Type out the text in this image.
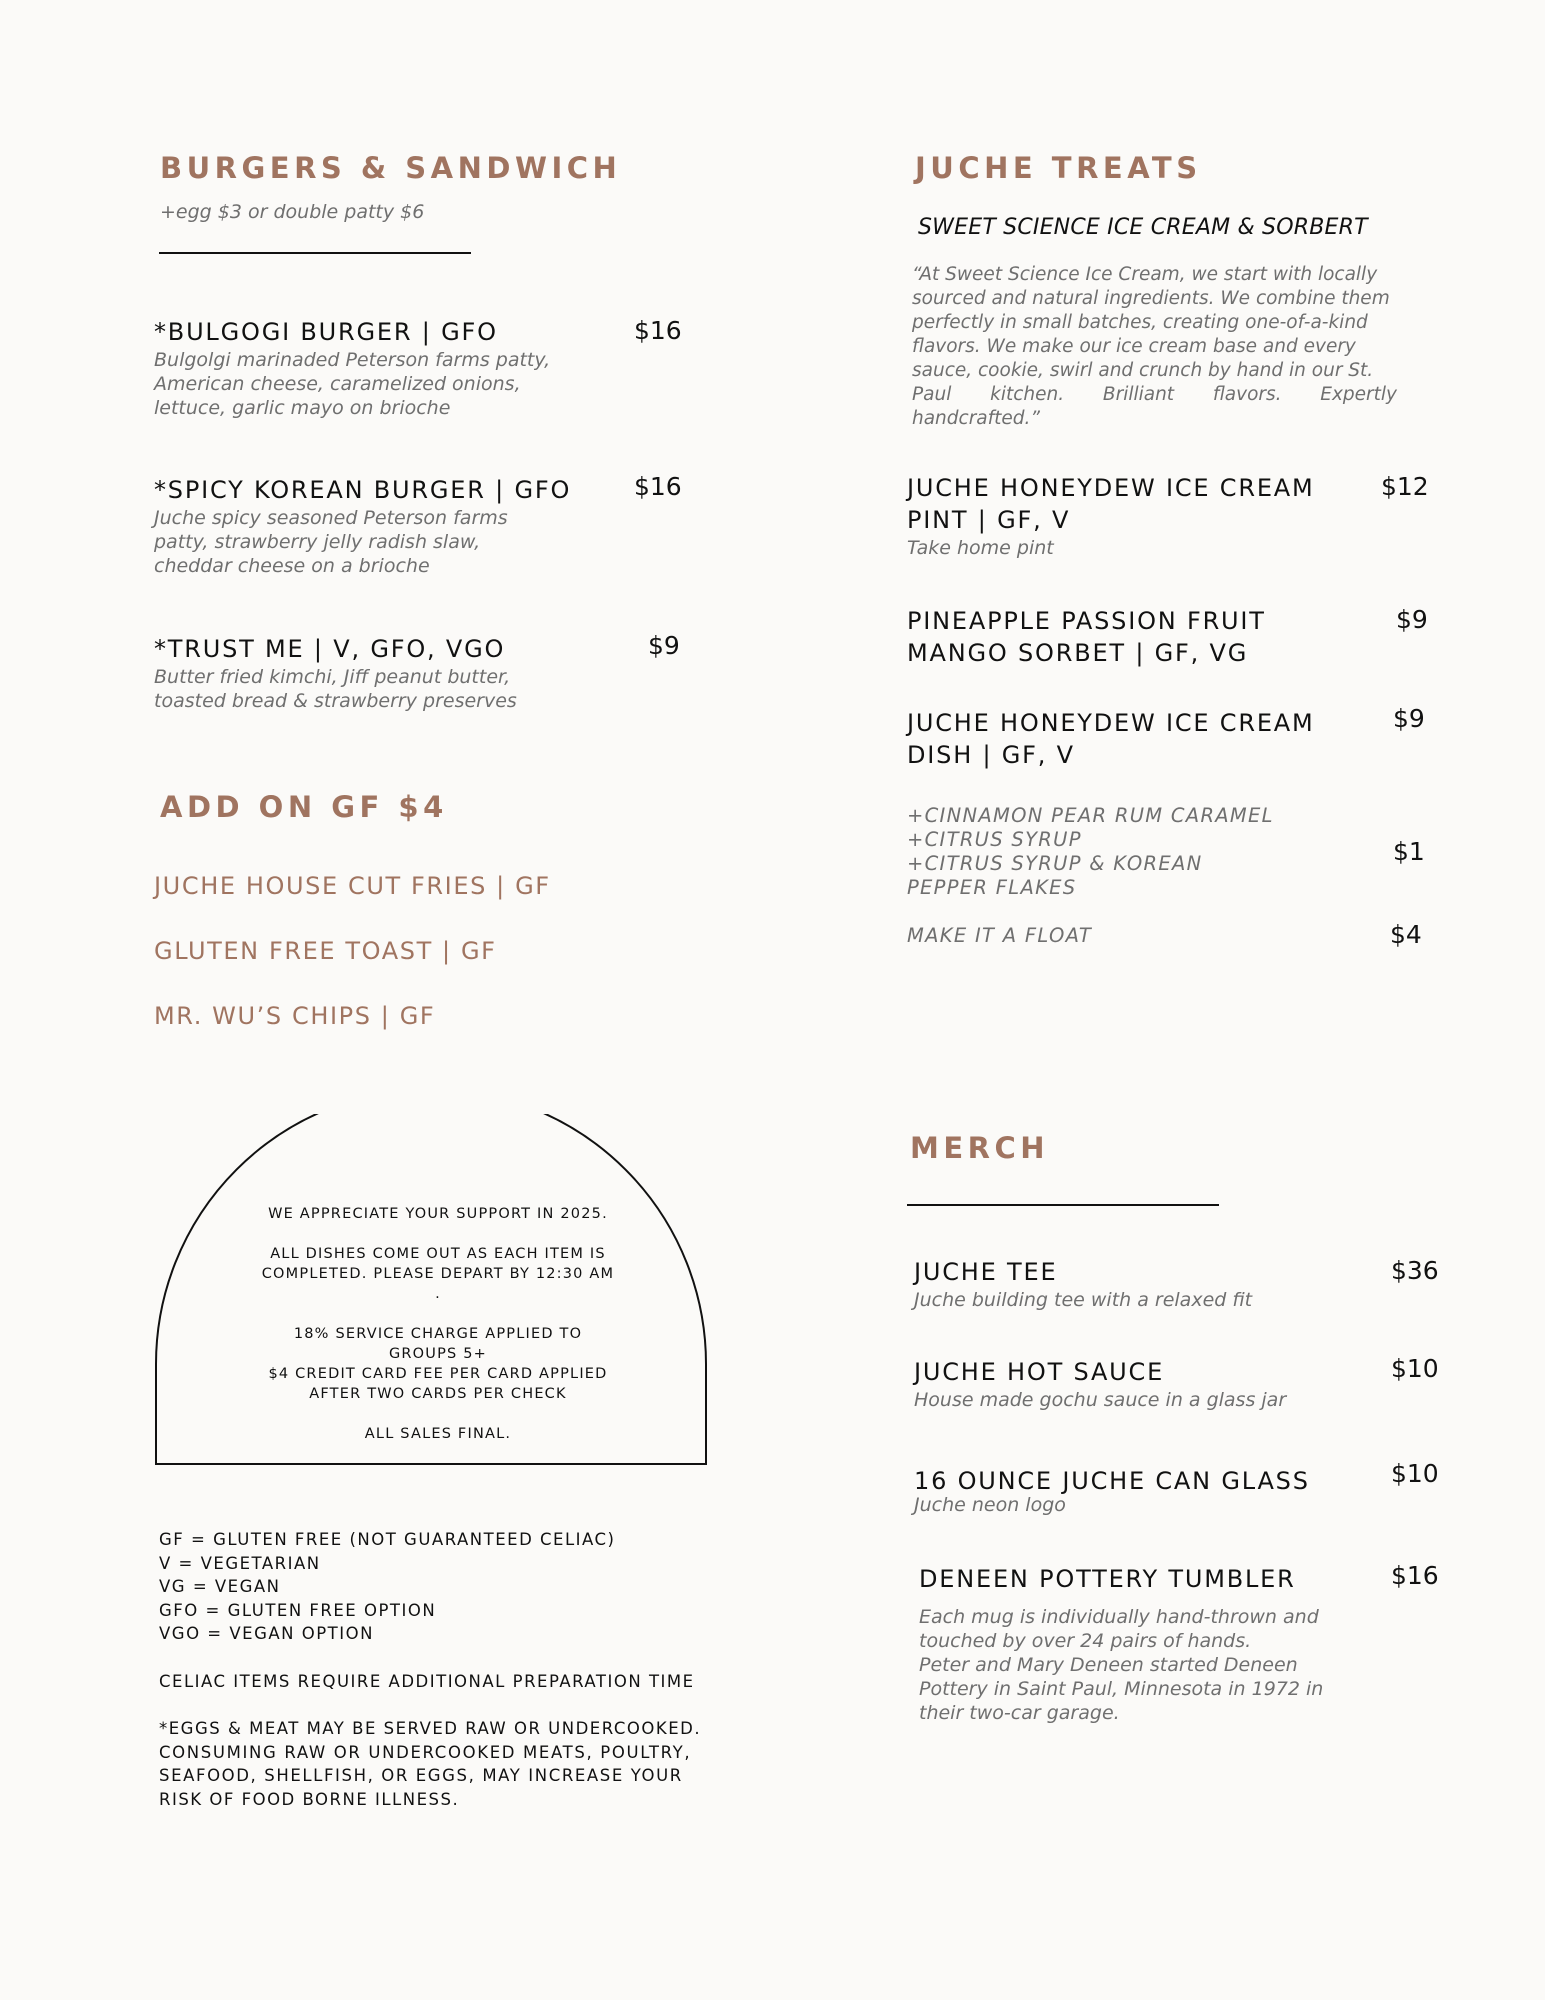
BURGERS & SANDWICH
+egg $3 or double patty $6
*BULGOGI BURGER | GFO	$16
Bulgolgi marinaded Peterson farms patty,
American cheese, caramelized onions,
lettuce, garlic mayo on brioche
*SPICY KOREAN BURGER | GFO	$16
Juche spicy seasoned Peterson farms
patty, strawberry jelly radish slaw,
cheddar cheese on a brioche
*TRUST ME | V, GFO, VGO	$9
Butter fried kimchi, Jiff peanut butter,
toasted bread & strawberry preserves
ADD ON GF $4
JUCHE HOUSE CUT FRIES | GF
GLUTEN FREE TOAST | GF
MR. WU’S CHIPS | GF
WE APPRECIATE YOUR SUPPORT IN 2025.
ALL DISHES COME OUT AS EACH ITEM IS
COMPLETED. PLEASE DEPART BY 12:30 AM
.
18% SERVICE CHARGE APPLIED TO
GROUPS 5+
$4 CREDIT CARD FEE PER CARD APPLIED
AFTER TWO CARDS PER CHECK
ALL SALES FINAL.
GF = GLUTEN FREE (NOT GUARANTEED CELIAC)
V = VEGETARIAN
VG = VEGAN
GFO = GLUTEN FREE OPTION
VGO = VEGAN OPTION
CELIAC ITEMS REQUIRE ADDITIONAL PREPARATION TIME
*EGGS & MEAT MAY BE SERVED RAW OR UNDERCOOKED.
CONSUMING RAW OR UNDERCOOKED MEATS, POULTRY,
SEAFOOD, SHELLFISH, OR EGGS, MAY INCREASE YOUR
RISK OF FOOD BORNE ILLNESS.
JUCHE TREATS
SWEET SCIENCE ICE CREAM & SORBERT
“At Sweet Science Ice Cream, we start with locally
sourced and natural ingredients. We combine them
perfectly in small batches, creating one-of-a-kind
flavors. We make our ice cream base and every
sauce, cookie, swirl and crunch by hand in our St.
Paul kitchen. Brilliant flavors. Expertly handcrafted.”
JUCHE HONEYDEW ICE CREAM
PINT | GF, V
$12
Take home pint
PINEAPPLE PASSION FRUIT
MANGO SORBET | GF, VG
$9
JUCHE HONEYDEW ICE CREAM
DISH | GF, V
$9
+CINNAMON PEAR RUM CARAMEL
+CITRUS SYRUP
+CITRUS SYRUP & KOREAN
PEPPER FLAKES
$1
MAKE IT A FLOAT	$4
MERCH
JUCHE TEE	$36
Juche building tee with a relaxed fit
JUCHE HOT SAUCE	$10
House made gochu sauce in a glass jar
16 OUNCE JUCHE CAN GLASS	$10
Juche neon logo
DENEEN POTTERY TUMBLER	$16
Each mug is individually hand-thrown and
touched by over 24 pairs of hands.
Peter and Mary Deneen started Deneen
Pottery in Saint Paul, Minnesota in 1972 in
their two-car garage.
